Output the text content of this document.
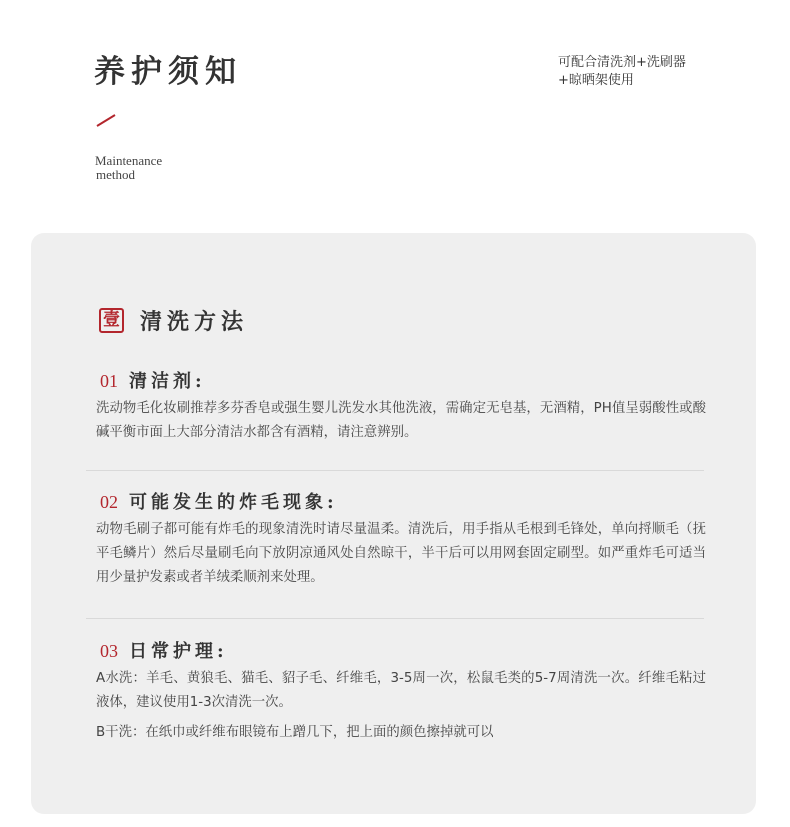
养护须知
Maintenance
method
可配合清洗剂+洗刷器
+晾晒架使用
壹 清洗方法
01 清洁剂:

洗动物毛化妆刷推荐多芬香皂或强生婴儿洗发水其他洗液，需确定无皂基，无酒精，PH值呈弱酸性或酸碱平衡市面上大部分清洁水都含有酒精，请注意辨别。

02 可能发生的炸毛现象:

动物毛刷子都可能有炸毛的现象清洗时请尽量温柔。清洗后，用手指从毛根到毛锋处，单向捋顺毛（抚平毛鳞片）然后尽量刷毛向下放阴凉通风处自然晾干，半干后可以用网套固定刷型。如严重炸毛可适当用少量护发素或者羊绒柔顺剂来处理。

03 日常护理:

A水洗：羊毛、黄狼毛、猫毛、貂子毛、纤维毛，3-5周一次，松鼠毛类的5-7周清洗一次。纤维毛粘过液体，建议使用1-3次清洗一次。

B干洗：在纸巾或纤维布眼镜布上蹭几下，把上面的颜色擦掉就可以
